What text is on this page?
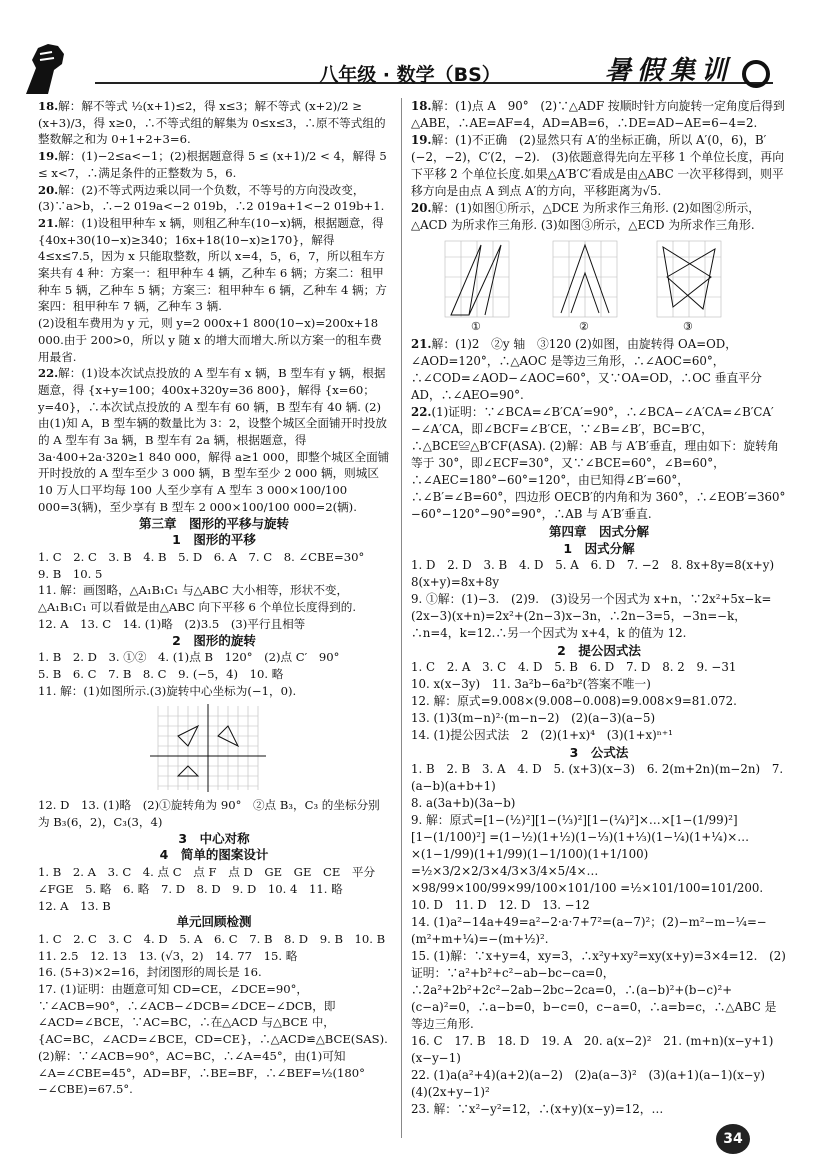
八年级 · 数学（BS）	暑假集训

18.解：解不等式 ½(x+1)≤2，得 x≤3；解不等式 (x+2)/2 ≥ (x+3)/3，得 x≥0，∴不等式组的解集为 0≤x≤3，∴原不等式组的整数解之和为 0+1+2+3=6.

19.解：(1)−2≤a<−1；(2)根据题意得 5 ≤ (x+1)/2 < 4，解得 5 ≤ x<7，∴满足条件的正整数为 5，6.

20.解：(2)不等式两边乘以同一个负数，不等号的方向没改变，(3)∵a>b，∴−2 019a<−2 019b，∴2 019a+1<−2 019b+1.

21.解：(1)设租甲种车 x 辆，则租乙种车(10−x)辆，根据题意，得 {40x+30(10−x)≥340；16x+18(10−x)≥170}，解得 4≤x≤7.5，因为 x 只能取整数，所以 x=4，5，6，7，所以租车方案共有 4 种：方案一：租甲种车 4 辆，乙种车 6 辆；方案二：租甲种车 5 辆，乙种车 5 辆；方案三：租甲种车 6 辆，乙种车 4 辆；方案四：租甲种车 7 辆，乙种车 3 辆.

(2)设租车费用为 y 元，则 y=2 000x+1 800(10−x)=200x+18 000.由于 200>0，所以 y 随 x 的增大而增大.所以方案一的租车费用最省.

22.解：(1)设本次试点投放的 A 型车有 x 辆，B 型车有 y 辆，根据题意，得 {x+y=100；400x+320y=36 800}，解得 {x=60；y=40}，∴本次试点投放的 A 型车有 60 辆，B 型车有 40 辆. (2)由(1)知 A，B 型车辆的数量比为 3：2，设整个城区全面铺开时投放的 A 型车有 3a 辆，B 型车有 2a 辆，根据题意，得 3a·400+2a·320≥1 840 000，解得 a≥1 000，即整个城区全面铺开时投放的 A 型车至少 3 000 辆，B 型车至少 2 000 辆，则城区 10 万人口平均每 100 人至少享有 A 型车 3 000×100/100 000=3(辆)，至少享有 B 型车 2 000×100/100 000=2(辆).

第三章　图形的平移与旋转

1　图形的平移

1. C　2. C　3. B　4. B　5. D　6. A　7. C　8. ∠CBE=30°

9. B　10. 5

11. 解：画图略，△A₁B₁C₁ 与△ABC 大小相等，形状不变，△A₁B₁C₁ 可以看做是由△ABC 向下平移 6 个单位长度得到的.

12. A　13. C　14. (1)略　(2)3.5　(3)平行且相等

2　图形的旋转

1. B　2. D　3. ①②　4. (1)点 B　120°　(2)点 C′　90°

5. B　6. C　7. B　8. C　9. (−5，4)　10. 略

11. 解：(1)如图所示.(3)旋转中心坐标为(−1，0).

12. D　13. (1)略　(2)①旋转角为 90°　②点 B₃，C₃ 的坐标分别为 B₃(6，2)，C₃(3，4)

3　中心对称

4　简单的图案设计

1. B　2. A　3. C　4. 点 C　点 F　点 D　GE　GE　CE　平分　∠FGE　5. 略　6. 略　7. D　8. D　9. D　10. 4　11. 略

12. A　13. B

单元回顾检测

1. C　2. C　3. C　4. D　5. A　6. C　7. B　8. D　9. B　10. B

11. 2.5　12. 13　13. (√3，2)　14. 77　15. 略

16. (5+3)×2=16，封闭图形的周长是 16.

17. (1)证明：由题意可知 CD=CE，∠DCE=90°，∵∠ACB=90°，∴∠ACB−∠DCB=∠DCE−∠DCB，即∠ACD=∠BCE，∵AC=BC，∴在△ACD 与△BCE 中，{AC=BC，∠ACD=∠BCE，CD=CE}，∴△ACD≌△BCE(SAS).

(2)解：∵∠ACB=90°，AC=BC，∴∠A=45°，由(1)可知∠A=∠CBE=45°，AD=BF，∴BE=BF，∴∠BEF=½(180°−∠CBE)=67.5°.

18.解：(1)点 A　90°　(2)∵△ADF 按顺时针方向旋转一定角度后得到△ABE，∴AE=AF=4，AD=AB=6，∴DE=AD−AE=6−4=2.

19.解：(1)不正确　(2)显然只有 A′的坐标正确，所以 A′(0，6)，B′(−2，−2)，C′(2，−2).　(3)依题意得先向左平移 1 个单位长度，再向下平移 2 个单位长度.如果△A′B′C′看成是由△ABC 一次平移得到，则平移方向是由点 A 到点 A′的方向，平移距离为√5.

20.解：(1)如图①所示，△DCE 为所求作三角形. (2)如图②所示，△ACD 为所求作三角形. (3)如图③所示，△ECD 为所求作三角形.

①	②	③

21.解：(1)2　②y 轴　③120 (2)如图，由旋转得 OA=OD，∠AOD=120°，∴△AOC 是等边三角形，∴∠AOC=60°，∴∠COD=∠AOD−∠AOC=60°，又∵OA=OD，∴OC 垂直平分 AD，∴∠AEO=90°.

22.(1)证明：∵∠BCA=∠B′CA′=90°，∴∠BCA−∠A′CA=∠B′CA′−∠A′CA，即∠BCF=∠B′CE，∵∠B=∠B′，BC=B′C，∴△BCE≌△B′CF(ASA). (2)解：AB 与 A′B′垂直，理由如下：旋转角等于 30°，即∠ECF=30°，又∵∠BCE=60°，∠B=60°，∴∠AEC=180°−60°=120°，由已知得∠B′=60°，∴∠B′=∠B=60°，四边形 OECB′的内角和为 360°，∴∠EOB′=360°−60°−120°−90°=90°，∴AB 与 A′B′垂直.

第四章　因式分解

1　因式分解

1. D　2. D　3. B　4. D　5. A　6. D　7. −2　8. 8x+8y=8(x+y)　8(x+y)=8x+8y

9. ①解：(1)−3.　(2)9.　(3)设另一个因式为 x+n，∵2x²+5x−k=(2x−3)(x+n)=2x²+(2n−3)x−3n，∴2n−3=5，−3n=−k，∴n=4，k=12.∴另一个因式为 x+4，k 的值为 12.

2　提公因式法

1. C　2. A　3. C　4. D　5. B　6. D　7. D　8. 2　9. −31

10. x(x−3y)　11. 3a²b−6a²b²(答案不唯一)

12. 解：原式=9.008×(9.008−0.008)=9.008×9=81.072.

13. (1)3(m−n)²·(m−n−2)　(2)(a−3)(a−5)

14. (1)提公因式法　2　(2)(1+x)⁴　(3)(1+x)ⁿ⁺¹

3　公式法

1. B　2. B　3. A　4. D　5. (x+3)(x−3)　6. 2(m+2n)(m−2n)　7. (a−b)(a+b+1)

8. a(3a+b)(3a−b)

9. 解：原式=[1−(½)²][1−(⅓)²][1−(¼)²]×…×[1−(1/99)²][1−(1/100)²] =(1−½)(1+½)(1−⅓)(1+⅓)(1−¼)(1+¼)×…×(1−1/99)(1+1/99)(1−1/100)(1+1/100) =½×3/2×2/3×4/3×3/4×5/4×…×98/99×100/99×99/100×101/100 =½×101/100=101/200.

10. D　11. D　12. D　13. −12

14. (1)a²−14a+49=a²−2·a·7+7²=(a−7)²；(2)−m²−m−¼=−(m²+m+¼)=−(m+½)².

15. (1)解：∵x+y=4，xy=3，∴x²y+xy²=xy(x+y)=3×4=12.　(2)证明：∵a²+b²+c²−ab−bc−ca=0，∴2a²+2b²+2c²−2ab−2bc−2ca=0，∴(a−b)²+(b−c)²+(c−a)²=0，∴a−b=0，b−c=0，c−a=0，∴a=b=c，∴△ABC 是等边三角形.

16. C　17. B　18. D　19. A　20. a(x−2)²　21. (m+n)(x−y+1)(x−y−1)

22. (1)a(a²+4)(a+2)(a−2)　(2)a(a−3)²　(3)(a+1)(a−1)(x−y)　(4)(2x+y−1)²

23. 解：∵x²−y²=12，∴(x+y)(x−y)=12，…

34
